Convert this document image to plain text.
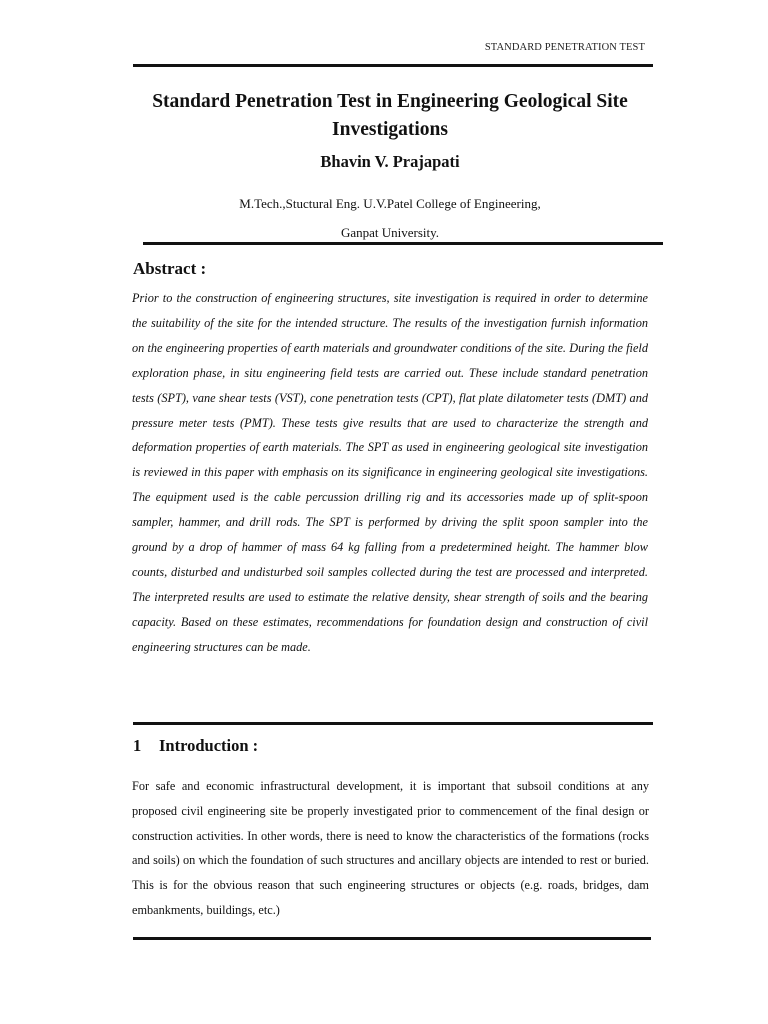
STANDARD PENETRATION TEST
Standard Penetration Test in Engineering Geological Site Investigations
Bhavin V. Prajapati
M.Tech.,Stuctural Eng. U.V.Patel College of Engineering,
Ganpat University.
Abstract :

Prior to the construction of engineering structures, site investigation is required in order to determine the suitability of the site for the intended structure. The results of the investigation furnish information on the engineering properties of earth materials and groundwater conditions of the site. During the field exploration phase, in situ engineering field tests are carried out. These include standard penetration tests (SPT), vane shear tests (VST), cone penetration tests (CPT), flat plate dilatometer tests (DMT) and pressure meter tests (PMT). These tests give results that are used to characterize the strength and deformation properties of earth materials. The SPT as used in engineering geological site investigation is reviewed in this paper with emphasis on its significance in engineering geological site investigations. The equipment used is the cable percussion drilling rig and its accessories made up of split-spoon sampler, hammer, and drill rods. The SPT is performed by driving the split spoon sampler into the ground by a drop of hammer of mass 64 kg falling from a predetermined height. The hammer blow counts, disturbed and undisturbed soil samples collected during the test are processed and interpreted. The interpreted results are used to estimate the relative density, shear strength of soils and the bearing capacity. Based on these estimates, recommendations for foundation design and construction of civil engineering structures can be made.

1 Introduction :

For safe and economic infrastructural development, it is important that subsoil conditions at any proposed civil engineering site be properly investigated prior to commencement of the final design or construction activities. In other words, there is need to know the characteristics of the formations (rocks and soils) on which the foundation of such structures and ancillary objects are intended to rest or buried. This is for the obvious reason that such engineering structures or objects (e.g. roads, bridges, dam embankments, buildings, etc.)
